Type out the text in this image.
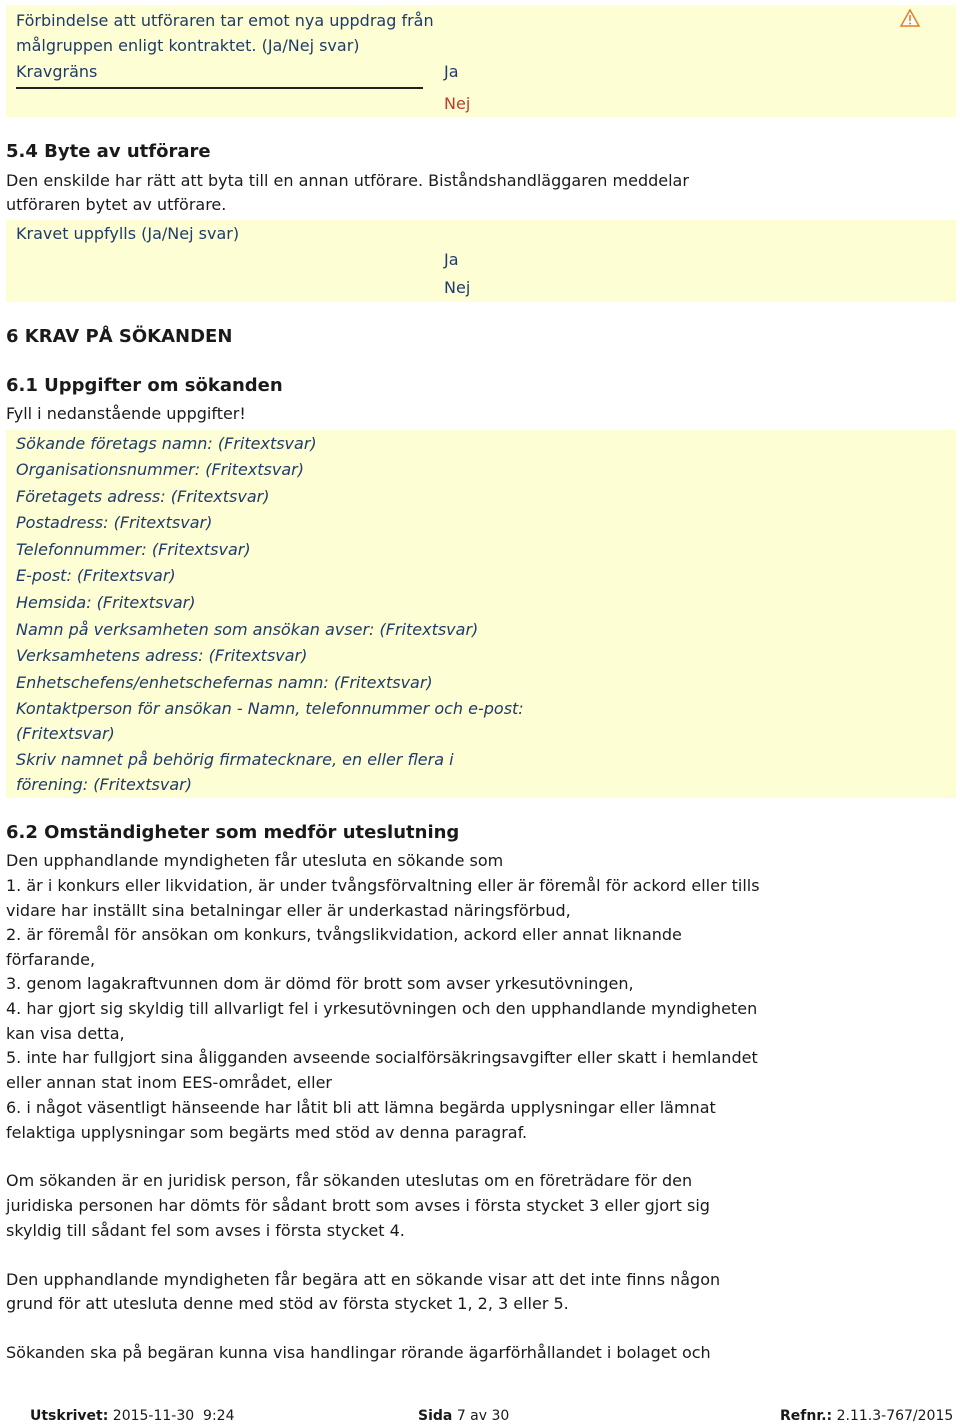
Förbindelse att utföraren tar emot nya uppdrag från
målgruppen enligt kontraktet. (Ja/Nej svar)
Kravgräns	Ja
Nej
5.4 Byte av utförare
Den enskilde har rätt att byta till en annan utförare. Biståndshandläggaren meddelar
utföraren bytet av utförare.
Kravet uppfylls (Ja/Nej svar)
Ja
Nej
6 KRAV PÅ SÖKANDEN
6.1 Uppgifter om sökanden
Fyll i nedanstående uppgifter!
Sökande företags namn: (Fritextsvar)
Organisationsnummer: (Fritextsvar)
Företagets adress: (Fritextsvar)
Postadress: (Fritextsvar)
Telefonnummer: (Fritextsvar)
E-post: (Fritextsvar)
Hemsida: (Fritextsvar)
Namn på verksamheten som ansökan avser: (Fritextsvar)
Verksamhetens adress: (Fritextsvar)
Enhetschefens/enhetschefernas namn: (Fritextsvar)
Kontaktperson för ansökan - Namn, telefonnummer och e-post:
(Fritextsvar)
Skriv namnet på behörig firmatecknare, en eller flera i
förening: (Fritextsvar)
6.2 Omständigheter som medför uteslutning
Den upphandlande myndigheten får utesluta en sökande som
1. är i konkurs eller likvidation, är under tvångsförvaltning eller är föremål för ackord eller tills
vidare har inställt sina betalningar eller är underkastad näringsförbud,
2. är föremål för ansökan om konkurs, tvångslikvidation, ackord eller annat liknande
förfarande,
3. genom lagakraftvunnen dom är dömd för brott som avser yrkesutövningen,
4. har gjort sig skyldig till allvarligt fel i yrkesutövningen och den upphandlande myndigheten
kan visa detta,
5. inte har fullgjort sina åligganden avseende socialförsäkringsavgifter eller skatt i hemlandet
eller annan stat inom EES-området, eller
6. i något väsentligt hänseende har låtit bli att lämna begärda upplysningar eller lämnat
felaktiga upplysningar som begärts med stöd av denna paragraf.
Om sökanden är en juridisk person, får sökanden uteslutas om en företrädare för den
juridiska personen har dömts för sådant brott som avses i första stycket 3 eller gjort sig
skyldig till sådant fel som avses i första stycket 4.
Den upphandlande myndigheten får begära att en sökande visar att det inte finns någon
grund för att utesluta denne med stöd av första stycket 1, 2, 3 eller 5.
Sökanden ska på begäran kunna visa handlingar rörande ägarförhållandet i bolaget och
Utskrivet: 2015-11-30  9:24	Sida 7 av 30	Refnr.: 2.11.3-767/2015
